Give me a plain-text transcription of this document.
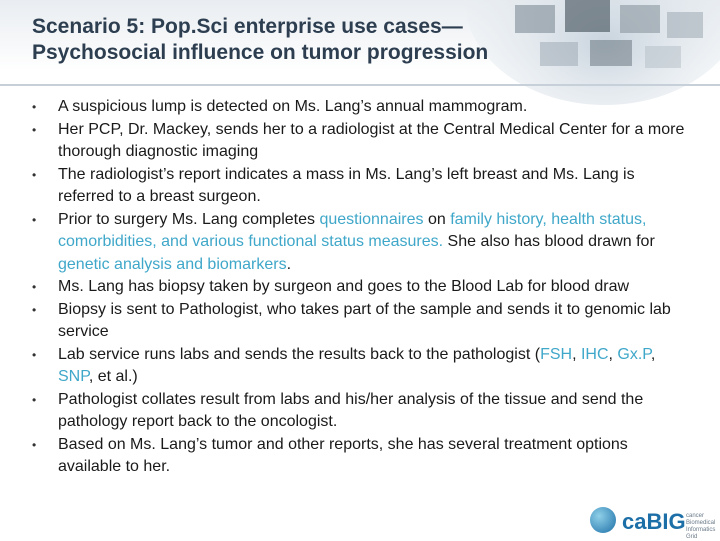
Scenario 5: Pop.Sci enterprise use cases—
Psychosocial influence on tumor progression
• A suspicious lump is detected on Ms. Lang’s annual mammogram.
• Her PCP, Dr. Mackey, sends her to a radiologist at the Central Medical Center for a more thorough diagnostic imaging
• The radiologist’s report indicates a mass in Ms. Lang’s left breast and Ms. Lang is referred to a breast surgeon.
• Prior to surgery Ms. Lang completes questionnaires on family history, health status, comorbidities, and various functional status measures. She also has blood drawn for genetic analysis and biomarkers.
• Ms. Lang has biopsy taken by surgeon and goes to the Blood Lab for blood draw
• Biopsy is sent to Pathologist, who takes part of the sample and sends it to genomic lab service
• Lab service runs labs and sends the results back to the pathologist (FSH, IHC, Gx.P, SNP, et al.)
• Pathologist collates result from labs and his/her analysis of the tissue and send the pathology report back to the oncologist.
• Based on Ms. Lang’s tumor and other reports, she has several treatment options available to her.
caBIG cancer Biomedical Informatics Grid
